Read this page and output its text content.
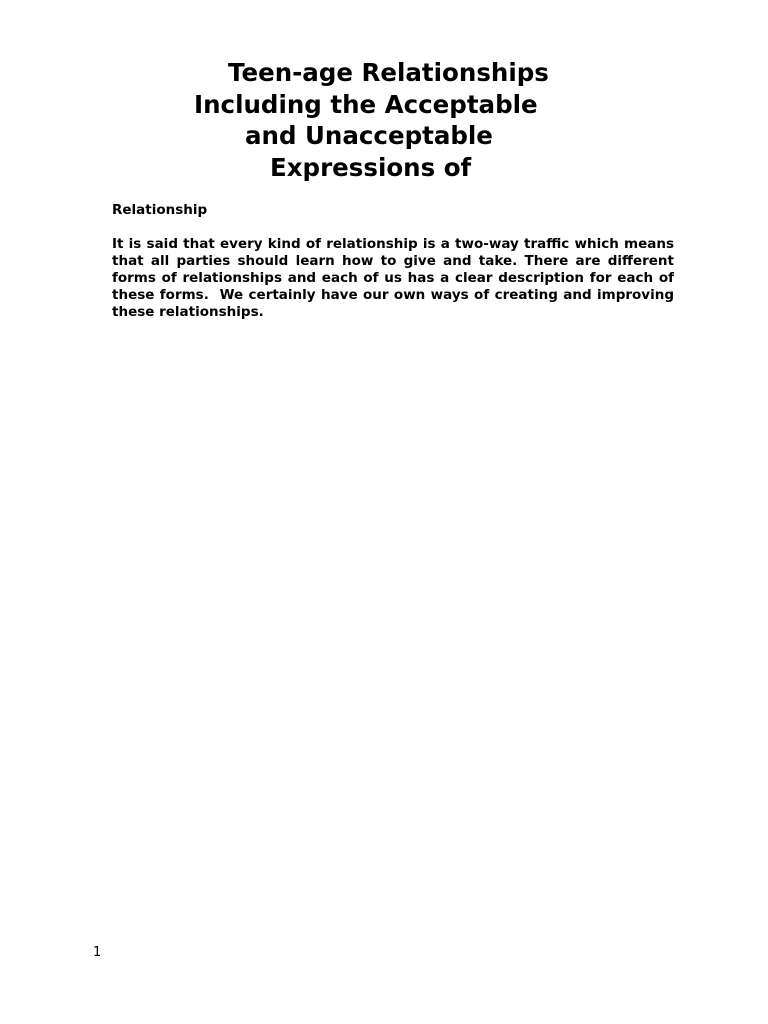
Teen-age Relationships
Including the Acceptable
and Unacceptable
Expressions of
Relationship

It is said that every kind of relationship is a two-way traffic which means that all parties should learn how to give and take. There are different forms of relationships and each of us has a clear description for each of these forms.  We certainly have our own ways of creating and improving these relationships.

1
